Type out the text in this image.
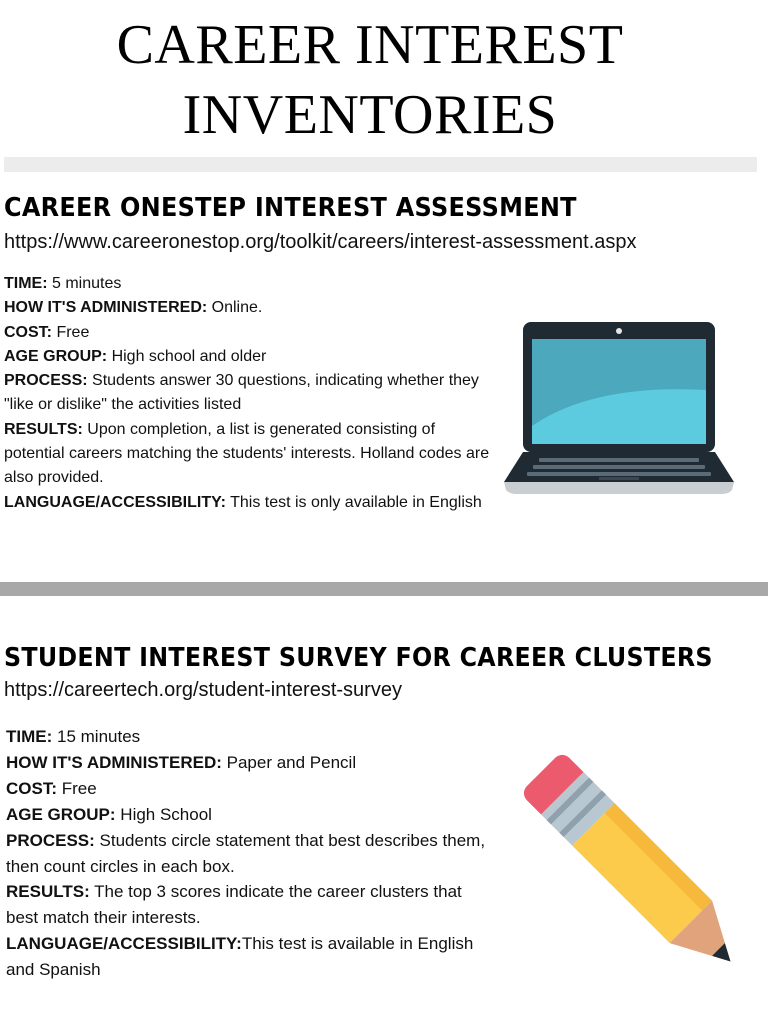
CAREER INTEREST
INVENTORIES
CAREER ONESTEP INTEREST ASSESSMENT
https://www.careeronestop.org/toolkit/careers/interest-assessment.aspx
TIME: 5 minutes
HOW IT'S ADMINISTERED: Online.
COST: Free
AGE GROUP: High school and older
PROCESS: Students answer 30 questions, indicating whether they "like or dislike" the activities listed
RESULTS: Upon completion, a list is generated consisting of potential careers matching the students' interests. Holland codes are also provided.
LANGUAGE/ACCESSIBILITY: This test is only available in English
STUDENT INTEREST SURVEY FOR CAREER CLUSTERS
https://careertech.org/student-interest-survey
TIME: 15 minutes
HOW IT'S ADMINISTERED: Paper and Pencil
COST: Free
AGE GROUP: High School
PROCESS: Students circle statement that best describes them, then count circles in each box.
RESULTS: The top 3 scores indicate the career clusters that best match their interests.
LANGUAGE/ACCESSIBILITY:This test is available in English and Spanish
